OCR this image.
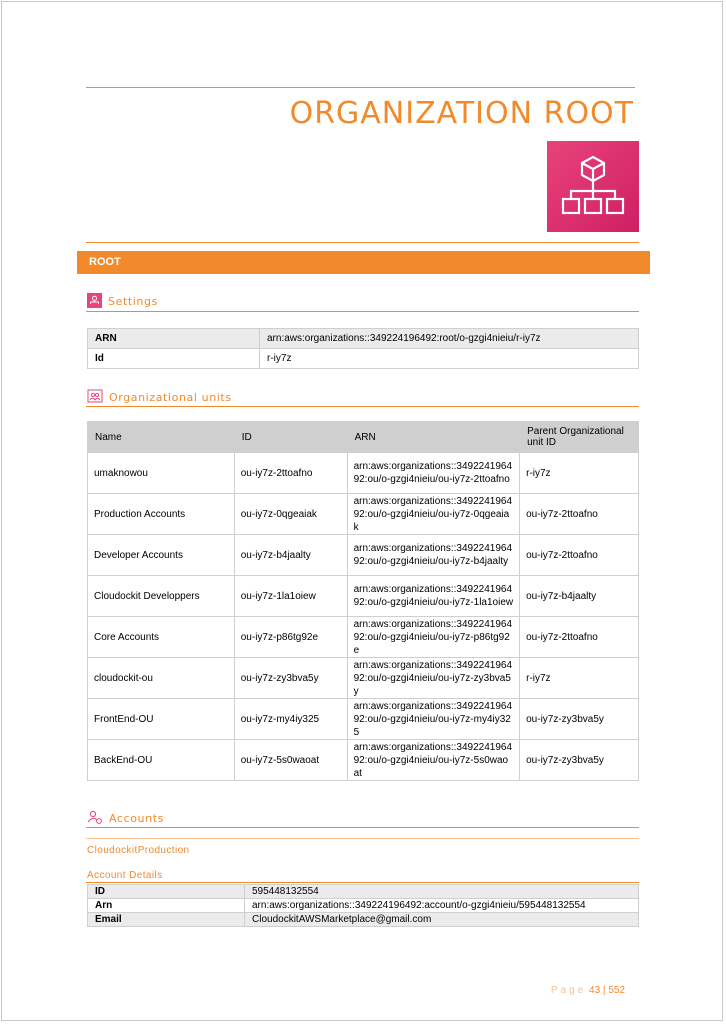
ORGANIZATION ROOT
ROOT
Settings
ARN	arn:aws:organizations::349224196492:root/o-gzgi4nieiu/r-iy7z
Id	r-iy7z
Organizational units
Name	ID	ARN	Parent Organizational unit ID
umaknowou	ou-iy7z-2ttoafno	arn:aws:organizations::349224196492:ou/o-gzgi4nieiu/ou-iy7z-2ttoafno	r-iy7z
Production Accounts	ou-iy7z-0qgeaiak	arn:aws:organizations::349224196492:ou/o-gzgi4nieiu/ou-iy7z-0qgeaiak	ou-iy7z-2ttoafno
Developer Accounts	ou-iy7z-b4jaalty	arn:aws:organizations::349224196492:ou/o-gzgi4nieiu/ou-iy7z-b4jaalty	ou-iy7z-2ttoafno
Cloudockit Developpers	ou-iy7z-1la1oiew	arn:aws:organizations::349224196492:ou/o-gzgi4nieiu/ou-iy7z-1la1oiew	ou-iy7z-b4jaalty
Core Accounts	ou-iy7z-p86tg92e	arn:aws:organizations::349224196492:ou/o-gzgi4nieiu/ou-iy7z-p86tg92e	ou-iy7z-2ttoafno
cloudockit-ou	ou-iy7z-zy3bva5y	arn:aws:organizations::349224196492:ou/o-gzgi4nieiu/ou-iy7z-zy3bva5y	r-iy7z
FrontEnd-OU	ou-iy7z-my4iy325	arn:aws:organizations::349224196492:ou/o-gzgi4nieiu/ou-iy7z-my4iy325	ou-iy7z-zy3bva5y
BackEnd-OU	ou-iy7z-5s0waoat	arn:aws:organizations::349224196492:ou/o-gzgi4nieiu/ou-iy7z-5s0waoat	ou-iy7z-zy3bva5y
Accounts
CloudockitProduction
Account Details
ID	595448132554
Arn	arn:aws:organizations::349224196492:account/o-gzgi4nieiu/595448132554
Email	CloudockitAWSMarketplace@gmail.com
Page 43 | 552
